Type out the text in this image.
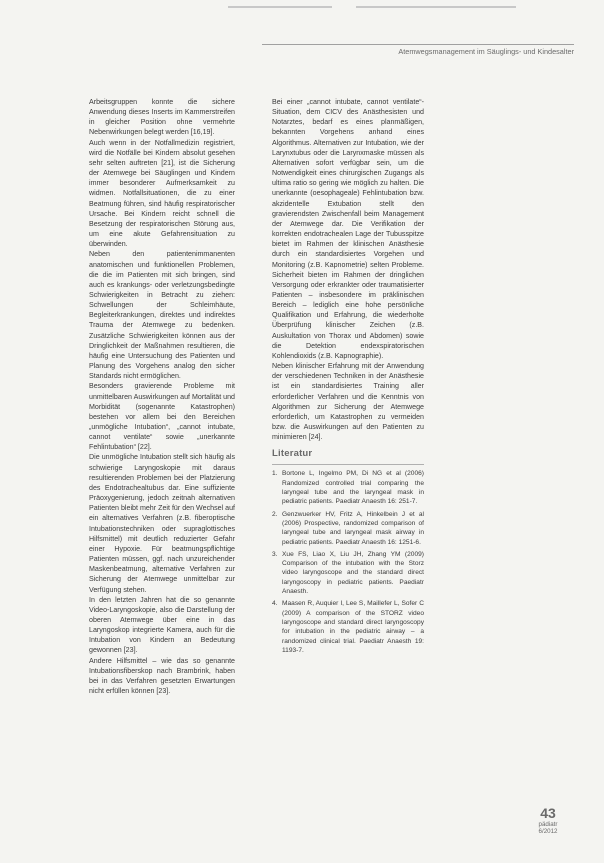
Atemwegsmanagement im Säuglings- und Kindesalter

Arbeitsgruppen konnte die sichere Anwendung dieses Inserts im Kammerstreifen in gleicher Position ohne vermehrte Nebenwirkungen belegt werden [16,19].

Auch wenn in der Notfallmedizin registriert, wird die Notfälle bei Kindern absolut gesehen sehr selten auftreten [21], ist die Sicherung der Atemwege bei Säuglingen und Kindern immer besonderer Aufmerksamkeit zu widmen. Notfallsituationen, die zu einer Beatmung führen, sind häufig respiratorischer Ursache. Bei Kindern reicht schnell die Besetzung der respiratorischen Störung aus, um eine akute Gefahrensituation zu überwinden.

Neben den patientenimmanenten anatomischen und funktionellen Problemen, die die im Patienten mit sich bringen, sind auch es krankungs- oder verletzungsbedingte Schwierigkeiten in Betracht zu ziehen: Schwellungen der Schleimhäute, Begleiterkrankungen, direktes und indirektes Trauma der Atemwege zu bedenken. Zusätzliche Schwierigkeiten können aus der Dringlichkeit der Maßnahmen resultieren, die häufig eine Untersuchung des Patienten und Planung des Vorgehens analog den sicher Standards nicht ermöglichen.

Besonders gravierende Probleme mit unmittelbaren Auswirkungen auf Mortalität und Morbidität (sogenannte Katastrophen) bestehen vor allem bei den Bereichen „unmögliche Intubation“, „cannot intubate, cannot ventilate“ sowie „unerkannte Fehlintubation“ [22].

Die unmögliche Intubation stellt sich häufig als schwierige Laryngoskopie mit daraus resultierenden Problemen bei der Platzierung des Endotrachealtubus dar. Eine suffiziente Präoxygenierung, jedoch zeitnah alternativen Patienten bleibt mehr Zeit für den Wechsel auf ein alternatives Verfahren (z.B. fiberoptische Intubationstechniken oder supraglottisches Hilfsmittel) mit deutlich reduzierter Gefahr einer Hypoxie. Für beatmungspflichtige Patienten müssen, ggf. nach unzureichender Maskenbeatmung, alternative Verfahren zur Sicherung der Atemwege unmittelbar zur Verfügung stehen.

In den letzten Jahren hat die so genannte Video-Laryngoskopie, also die Darstellung der oberen Atemwege über eine in das Laryngoskop integrierte Kamera, auch für die Intubation von Kindern an Bedeutung gewonnen [23].

Andere Hilfsmittel – wie das so genannte Intubationsfiberskop nach Brambrink, haben bei in das Verfahren gesetzten Erwartungen nicht erfüllen können [23].

Bei einer „cannot intubate, cannot ventilate“-Situation, dem CICV des Anästhesisten und Notarztes, bedarf es eines planmäßigen, bekannten Vorgehens anhand eines Algorithmus. Alternativen zur Intubation, wie der Larynxtubus oder die Larynxmaske müssen als Alternativen sofort verfügbar sein, um die Notwendigkeit eines chirurgischen Zugangs als ultima ratio so gering wie möglich zu halten. Die unerkannte (oesophageale) Fehlintubation bzw. akzidentelle Extubation stellt den gravierendsten Zwischenfall beim Management der Atemwege dar. Die Verifikation der korrekten endotrachealen Lage der Tubusspitze bietet im Rahmen der klinischen Anästhesie durch ein standardisiertes Vorgehen und Monitoring (z.B. Kapnometrie) selten Probleme. Sicherheit bieten im Rahmen der dringlichen Versorgung oder erkrankter oder traumatisierter Patienten – insbesondere im präklinischen Bereich – lediglich eine hohe persönliche Qualifikation und Erfahrung, die wiederholte Überprüfung klinischer Zeichen (z.B. Auskultation von Thorax und Abdomen) sowie die Detektion endexspiratorischen Kohlendioxids (z.B. Kapnographie).

Neben klinischer Erfahrung mit der Anwendung der verschiedenen Techniken in der Anästhesie ist ein standardisiertes Training aller erforderlicher Verfahren und die Kenntnis von Algorithmen zur Sicherung der Atemwege erforderlich, um Katastrophen zu vermeiden bzw. die Auswirkungen auf den Patienten zu minimieren [24].

Literatur
1. Bortone L, Ingelmo PM, Di NG et al (2006) Randomized controlled trial comparing the laryngeal tube and the laryngeal mask in pediatric patients. Paediatr Anaesth 16: 251-7.
2. Genzwuerker HV, Fritz A, Hinkelbein J et al (2006) Prospective, randomized comparison of laryngeal tube and laryngeal mask airway in pediatric patients. Paediatr Anaesth 16: 1251-6.
3. Xue FS, Liao X, Liu JH, Zhang YM (2009) Comparison of the intubation with the Storz video laryngoscope and the standard direct laryngoscopy in pediatric patients. Paediatr Anaesth.
4. Maasen R, Auquier I, Lee S, Maillefer L, Sofer C (2009) A comparison of the STORZ video laryngoscope and standard direct laryngoscopy for intubation in the pediatric airway – a randomized clinical trial. Paediatr Anaesth 19: 1193-7.
43
pädiatr
6/2012
